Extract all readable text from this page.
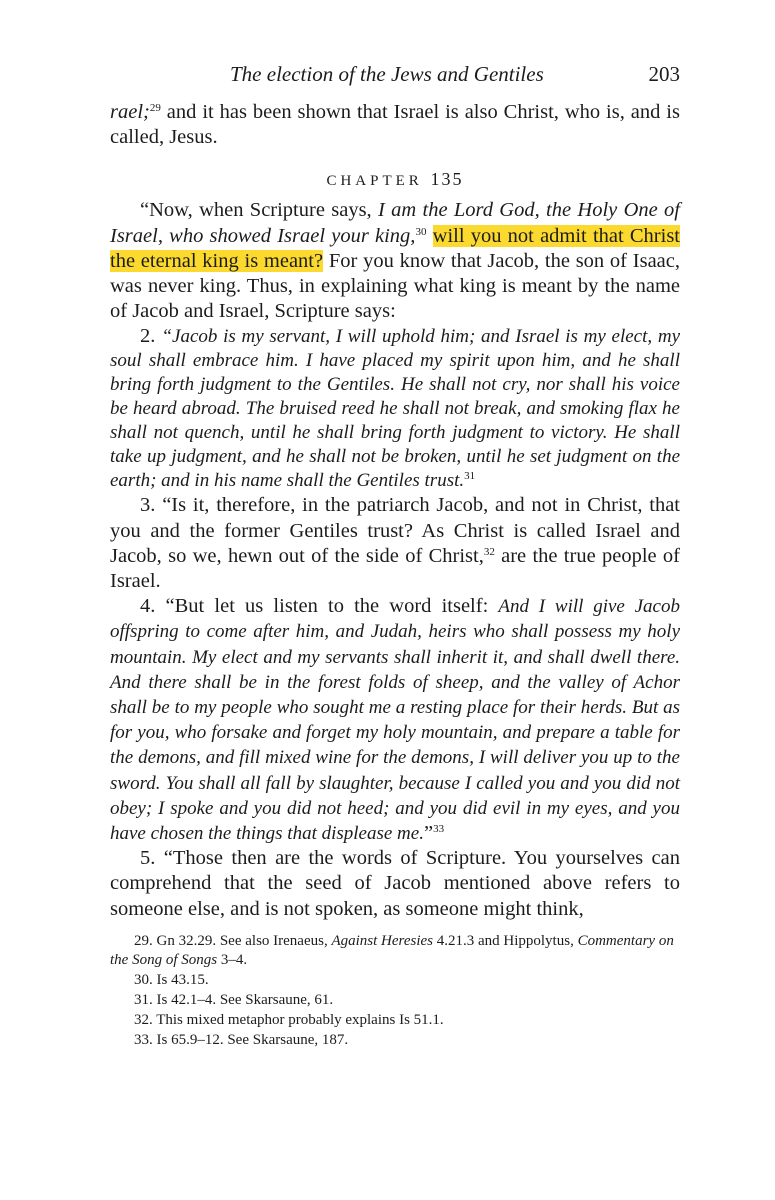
The election of the Jews and Gentiles	203

rael;$^{29}$ and it has been shown that Israel is also Christ, who is, and is called, Jesus.

CHAPTER 135

“Now, when Scripture says, I am the Lord God, the Holy One of Israel, who showed Israel your king,$^{30}$ will you not admit that Christ the eternal king is meant? For you know that Jacob, the son of Isaac, was never king. Thus, in explaining what king is meant by the name of Jacob and Israel, Scripture says:

2. “Jacob is my servant, I will uphold him; and Israel is my elect, my soul shall embrace him. I have placed my spirit upon him, and he shall bring forth judgment to the Gentiles. He shall not cry, nor shall his voice be heard abroad. The bruised reed he shall not break, and smoking flax he shall not quench, until he shall bring forth judgment to victory. He shall take up judgment, and he shall not be broken, until he set judgment on the earth; and in his name shall the Gentiles trust.$^{31}$

3. “Is it, therefore, in the patriarch Jacob, and not in Christ, that you and the former Gentiles trust? As Christ is called Israel and Jacob, so we, hewn out of the side of Christ,$^{32}$ are the true people of Israel.

4. “But let us listen to the word itself: And I will give Jacob offspring to come after him, and Judah, heirs who shall possess my holy mountain. My elect and my servants shall inherit it, and shall dwell there. And there shall be in the forest folds of sheep, and the valley of Achor shall be to my people who sought me a resting place for their herds. But as for you, who forsake and forget my holy mountain, and prepare a table for the demons, and fill mixed wine for the demons, I will deliver you up to the sword. You shall all fall by slaughter, because I called you and you did not obey; I spoke and you did not heed; and you did evil in my eyes, and you have chosen the things that displease me.”$^{33}$

5. “Those then are the words of Scripture. You yourselves can comprehend that the seed of Jacob mentioned above refers to someone else, and is not spoken, as someone might think,

29. Gn 32.29. See also Irenaeus, Against Heresies 4.21.3 and Hippolytus, Commentary on the Song of Songs 3–4.

30. Is 43.15.

31. Is 42.1–4. See Skarsaune, 61.

32. This mixed metaphor probably explains Is 51.1.

33. Is 65.9–12. See Skarsaune, 187.
